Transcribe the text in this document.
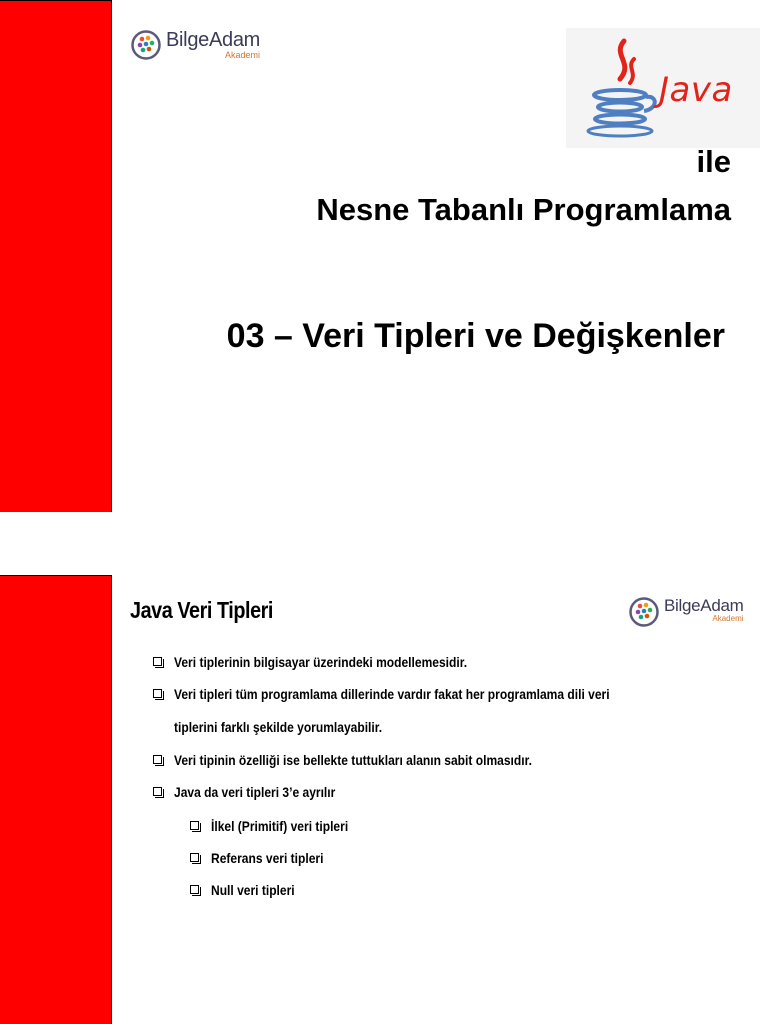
BilgeAdam
Akademi
Java
ile
Nesne Tabanlı Programlama
03 – Veri Tipleri ve Değişkenler
Java Veri Tipleri	BilgeAdam
Akademi
Veri tiplerinin bilgisayar üzerindeki modellemesidir.
Veri tipleri tüm programlama dillerinde vardır fakat her programlama dili veri
tiplerini farklı şekilde yorumlayabilir.
Veri tipinin özelliği ise bellekte tuttukları alanın sabit olmasıdır.
Java da veri tipleri 3’e ayrılır
İlkel (Primitif) veri tipleri
Referans veri tipleri
Null veri tipleri
